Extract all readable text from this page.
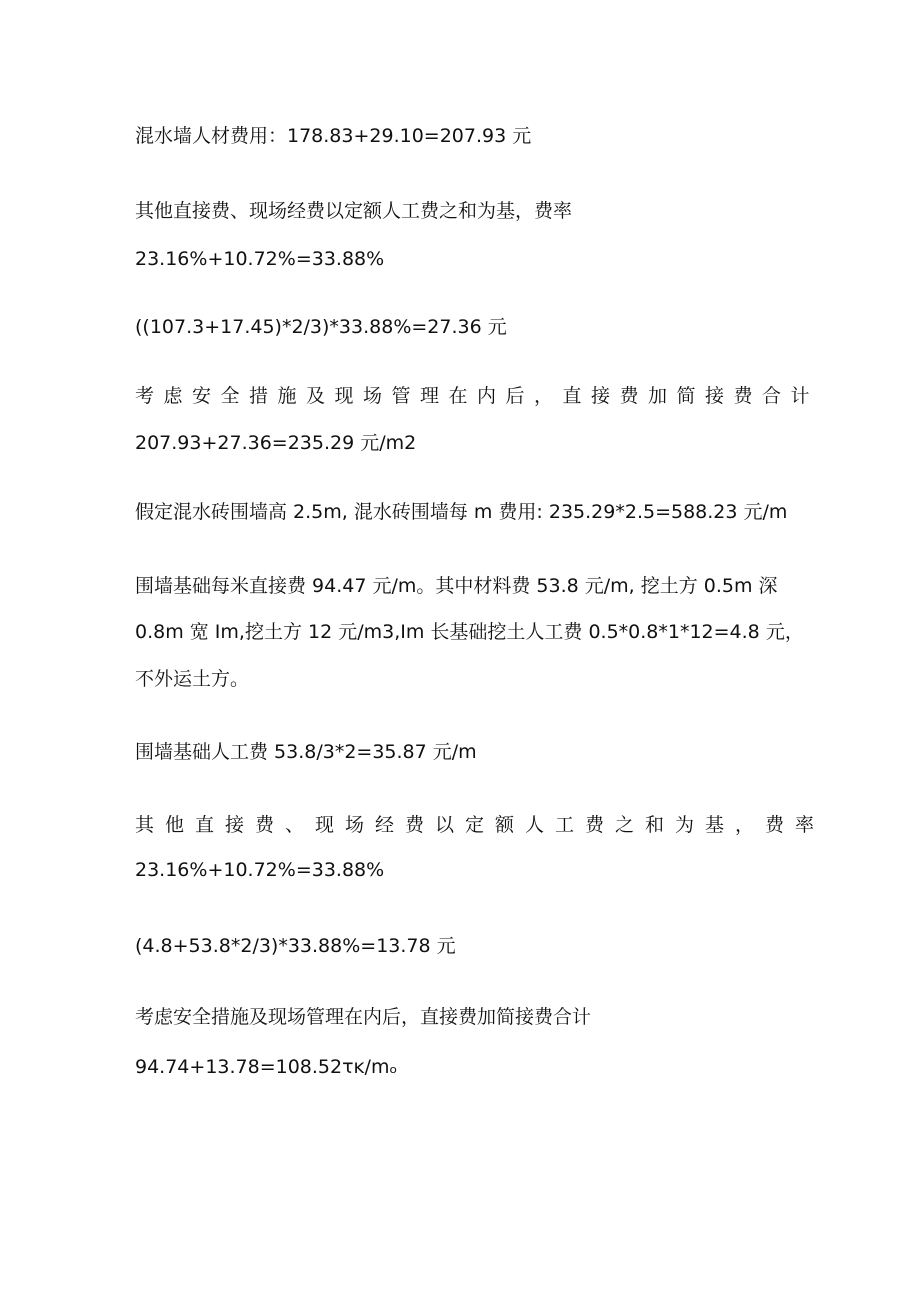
混水墙人材费用：178.83+29.10=207.93 元

其他直接费、现场经费以定额人工费之和为基，费率

23.16%+10.72%=33.88%

((107.3+17.45)*2/3)*33.88%=27.36 元

考虑安全措施及现场管理在内后，直接费加简接费合计

207.93+27.36=235.29 元/m2

假定混水砖围墙高 2.5m, 混水砖围墙每 m 费用: 235.29*2.5=588.23 元/m

围墙基础每米直接费 94.47 元/m。其中材料费 53.8 元/m, 挖土方 0.5m 深

0.8m 宽 Im,挖土方 12 元/m3,Im 长基础挖土人工费 0.5*0.8*1*12=4.8 元，

不外运土方。

围墙基础人工费 53.8/3*2=35.87 元/m

其他直接费、现场经费以定额人工费之和为基，费率

23.16%+10.72%=33.88%

(4.8+53.8*2/3)*33.88%=13.78 元

考虑安全措施及现场管理在内后，直接费加简接费合计

94.74+13.78=108.52τĸ/mₒ
